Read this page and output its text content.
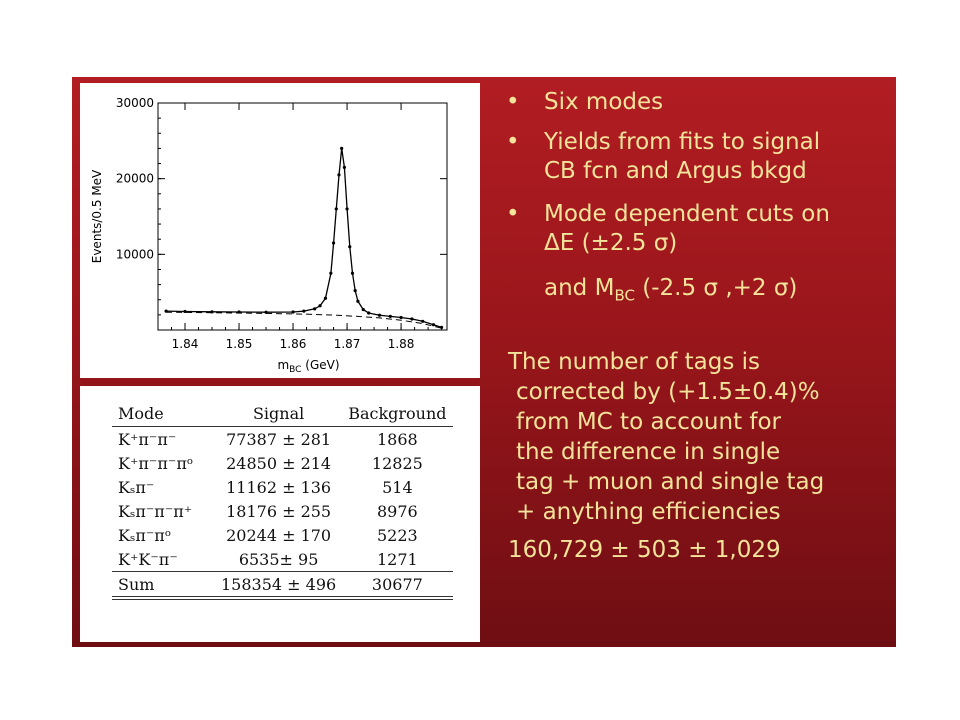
1.84 1.85 1.86 1.87 1.88
10000
20000
30000
Events/0.5 MeV
$m_{BC}$ (GeV)
Mode	Signal	Background
K⁺π⁻π⁻	77387 ± 281	1868
K⁺π⁻π⁻πᵒ	24850 ± 214	12825
Kₛπ⁻	11162 ± 136	514
Kₛπ⁻π⁻π⁺	18176 ± 255	8976
Kₛπ⁻πᵒ	20244 ± 170	5223
K⁺K⁻π⁻	6535± 95	1271
Sum	158354 ± 496	30677
• Six modes
• Yields from fits to signal
CB fcn and Argus bkgd
• Mode dependent cuts on
ΔE (±2.5 σ)
and $M_{BC}$ (-2.5 σ ,+2 σ)
The number of tags is
corrected by (+1.5±0.4)%
from MC to account for
the difference in single
tag + muon and single tag
+ anything efficiencies
160,729 ± 503 ± 1,029
